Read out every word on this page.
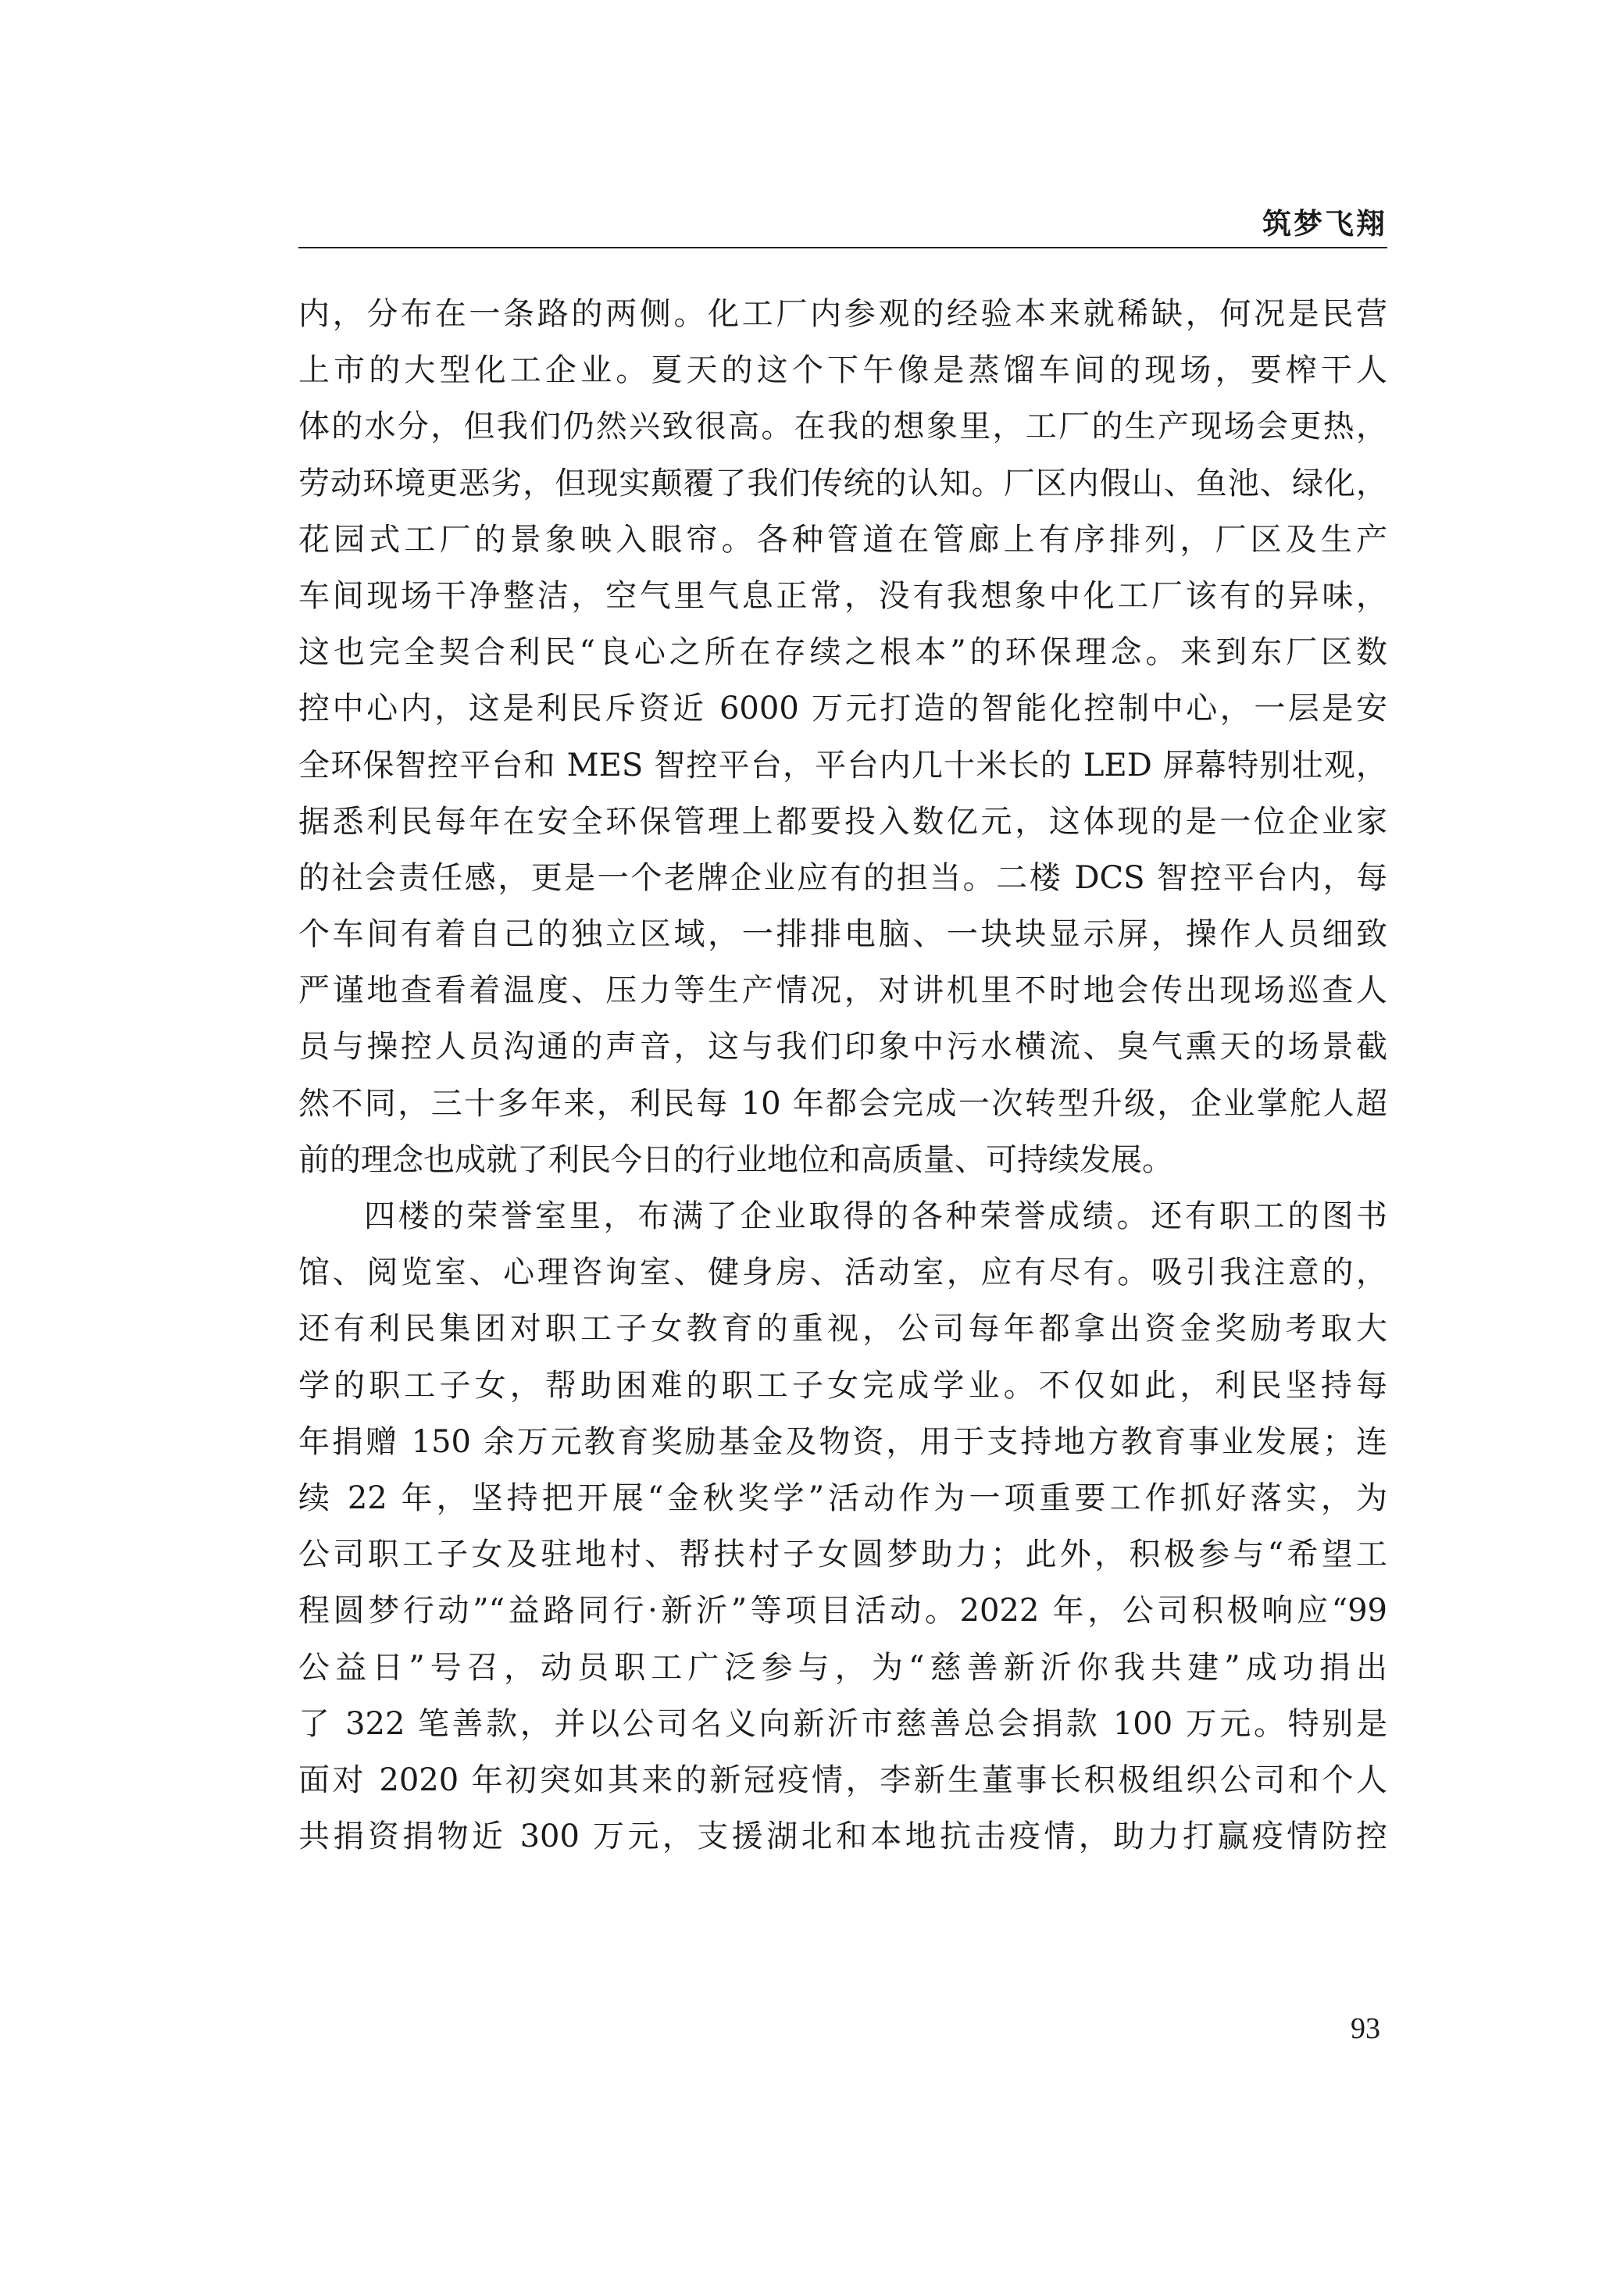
筑梦飞翔
内，分布在一条路的两侧。化工厂内参观的经验本来就稀缺，何况是民营
上市的大型化工企业。夏天的这个下午像是蒸馏车间的现场，要榨干人
体的水分，但我们仍然兴致很高。在我的想象里，工厂的生产现场会更热，
劳动环境更恶劣，但现实颠覆了我们传统的认知。厂区内假山、鱼池、绿化，
花园式工厂的景象映入眼帘。各种管道在管廊上有序排列，厂区及生产
车间现场干净整洁，空气里气息正常，没有我想象中化工厂该有的异味，
这也完全契合利民“良心之所在存续之根本”的环保理念。来到东厂区数
控中心内，这是利民斥资近 6000 万元打造的智能化控制中心，一层是安
全环保智控平台和 MES 智控平台，平台内几十米长的 LED 屏幕特别壮观，
据悉利民每年在安全环保管理上都要投入数亿元，这体现的是一位企业家
的社会责任感，更是一个老牌企业应有的担当。二楼 DCS 智控平台内，每
个车间有着自己的独立区域，一排排电脑、一块块显示屏，操作人员细致
严谨地查看着温度、压力等生产情况，对讲机里不时地会传出现场巡查人
员与操控人员沟通的声音，这与我们印象中污水横流、臭气熏天的场景截
然不同，三十多年来，利民每 10 年都会完成一次转型升级，企业掌舵人超
前的理念也成就了利民今日的行业地位和高质量、可持续发展。
四楼的荣誉室里，布满了企业取得的各种荣誉成绩。还有职工的图书
馆、阅览室、心理咨询室、健身房、活动室，应有尽有。吸引我注意的，
还有利民集团对职工子女教育的重视，公司每年都拿出资金奖励考取大
学的职工子女，帮助困难的职工子女完成学业。不仅如此，利民坚持每
年捐赠 150 余万元教育奖励基金及物资，用于支持地方教育事业发展；连
续 22 年，坚持把开展“金秋奖学”活动作为一项重要工作抓好落实，为
公司职工子女及驻地村、帮扶村子女圆梦助力；此外，积极参与“希望工
程圆梦行动”“益路同行·新沂”等项目活动。2022 年，公司积极响应“99
公益日”号召，动员职工广泛参与，为“慈善新沂你我共建”成功捐出
了 322 笔善款，并以公司名义向新沂市慈善总会捐款 100 万元。特别是
面对 2020 年初突如其来的新冠疫情，李新生董事长积极组织公司和个人
共捐资捐物近 300 万元，支援湖北和本地抗击疫情，助力打赢疫情防控
93
